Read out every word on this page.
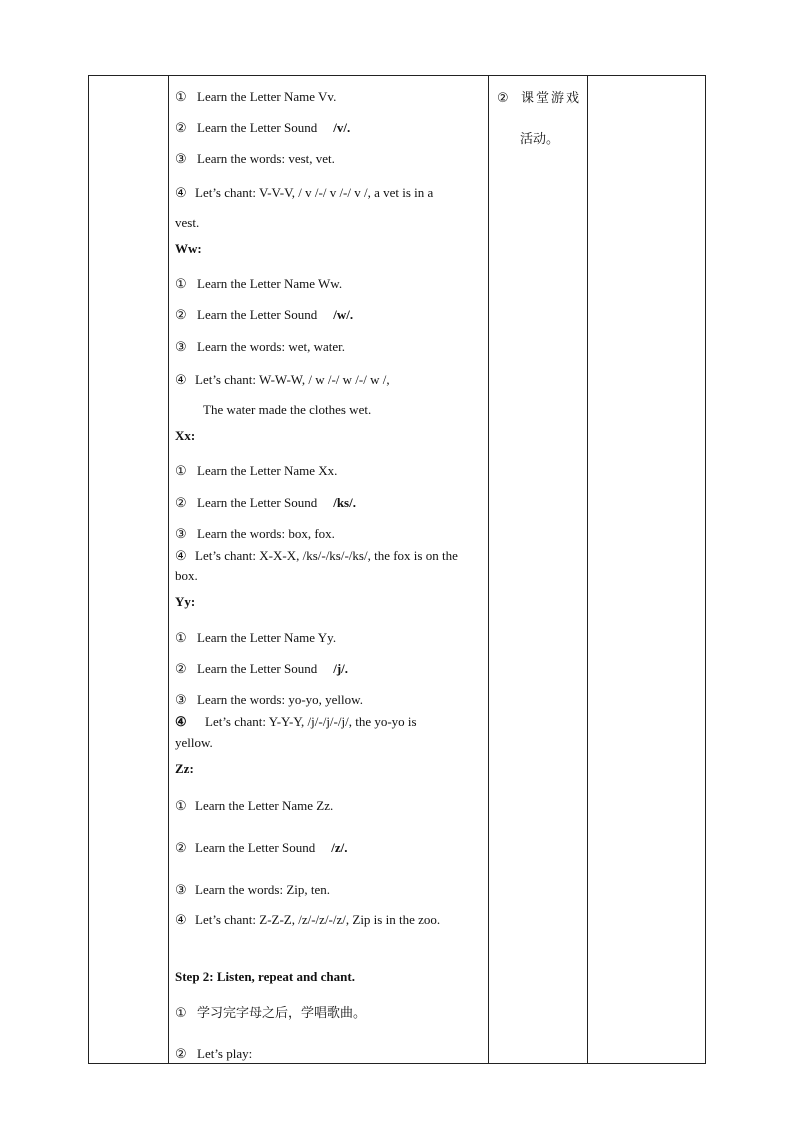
① Learn the Letter Name Vv.
② Learn the Letter Sound /v/.
③ Learn the words: vest, vet.
④ Let’s chant: V-V-V, / v /-/ v /-/ v /, a vet is in a
vest.
Ww:
① Learn the Letter Name Ww.
② Learn the Letter Sound /w/.
③ Learn the words: wet, water.
④ Let’s chant: W-W-W, / w /-/ w /-/ w /,
The water made the clothes wet.
Xx:
① Learn the Letter Name Xx.
② Learn the Letter Sound /ks/.
③ Learn the words: box, fox.
④ Let’s chant: X-X-X, /ks/-/ks/-/ks/, the fox is on the
box.
Yy:
① Learn the Letter Name Yy.
② Learn the Letter Sound /j/.
③ Learn the words: yo-yo, yellow.
④ Let’s chant: Y-Y-Y, /j/-/j/-/j/, the yo-yo is
yellow.
Zz:
① Learn the Letter Name Zz.
② Learn the Letter Sound /z/.
③ Learn the words: Zip, ten.
④ Let’s chant: Z-Z-Z, /z/-/z/-/z/, Zip is in the zoo.
Step 2: Listen, repeat and chant.
① 学习完字母之后，学唱歌曲。
② Let’s play:
② 课堂游戏
活动。
